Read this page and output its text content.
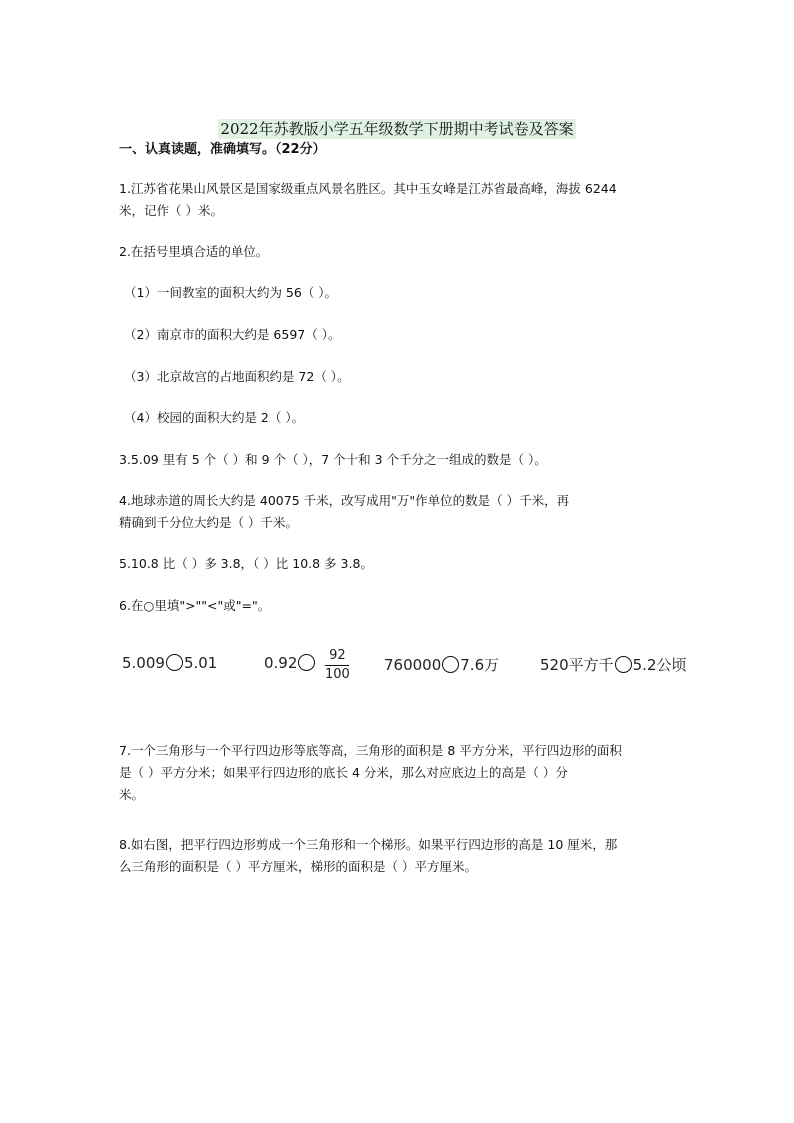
2022年苏教版小学五年级数学下册期中考试卷及答案
一、认真读题，准确填写。（22分）
1.江苏省花果山风景区是国家级重点风景名胜区。其中玉女峰是江苏省最高峰，海拔 6244
米，记作（ ）米。
2.在括号里填合适的单位。
（1）一间教室的面积大约为 56（ ）。
（2）南京市的面积大约是 6597（ ）。
（3）北京故宫的占地面积约是 72（ ）。
（4）校园的面积大约是 2（ ）。
3.5.09 里有 5 个（ ）和 9 个（ ），7 个十和 3 个千分之一组成的数是（ ）。
4.地球赤道的周长大约是 40075 千米，改写成用"万"作单位的数是（ ）千米，再
精确到千分位大约是（ ）千米。
5.10.8 比（ ）多 3.8，（ ）比 10.8 多 3.8。
6.在○里填">""<"或"="。
5.009 5.01	0.92	92
100
760000 7.6万	520平方千 5.2公顷
7.一个三角形与一个平行四边形等底等高，三角形的面积是 8 平方分米，平行四边形的面积
是（ ）平方分米；如果平行四边形的底长 4 分米，那么对应底边上的高是（ ）分
米。
8.如右图，把平行四边形剪成一个三角形和一个梯形。如果平行四边形的高是 10 厘米，那
么三角形的面积是（ ）平方厘米，梯形的面积是（ ）平方厘米。
